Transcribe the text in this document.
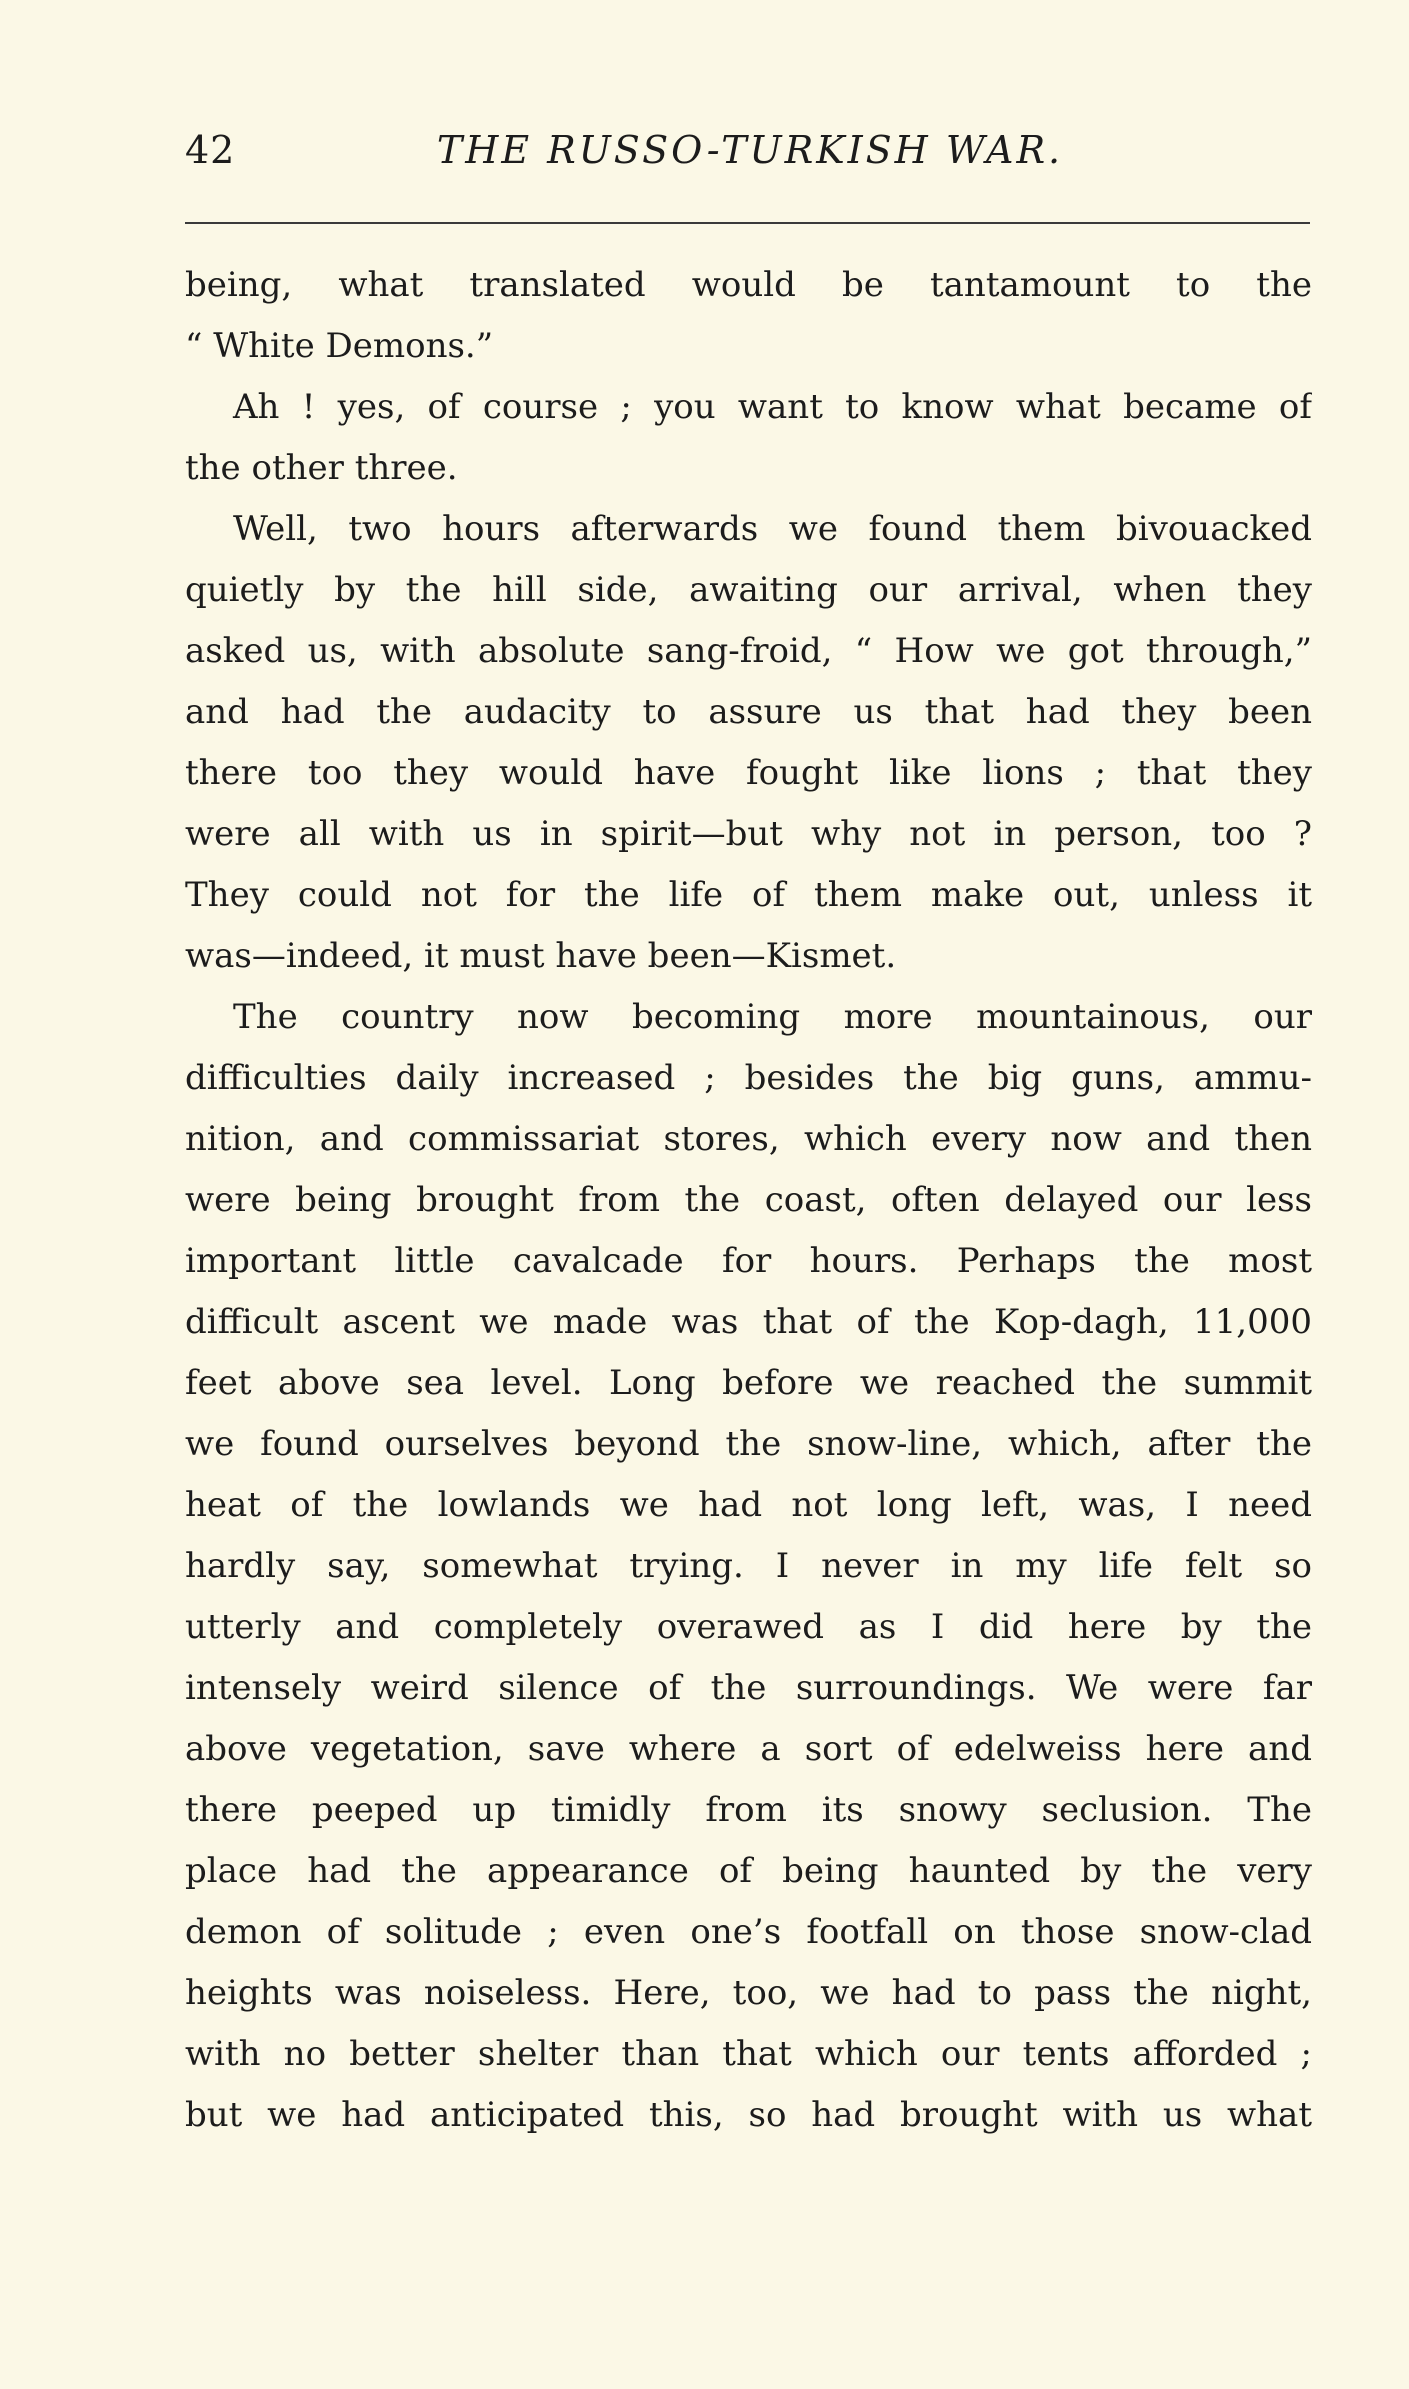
42	THE RUSSO-TURKISH WAR.
being, what translated would be tantamount to the
“ White Demons.”
Ah ! yes, of course ; you want to know what became of
the other three.
Well, two hours afterwards we found them bivouacked
quietly by the hill side, awaiting our arrival, when they
asked us, with absolute sang-froid, “ How we got through,”
and had the audacity to assure us that had they been
there too they would have fought like lions ; that they
were all with us in spirit—but why not in person, too ?
They could not for the life of them make out, unless it
was—indeed, it must have been—Kismet.
The country now becoming more mountainous, our
difficulties daily increased ; besides the big guns, ammu-
nition, and commissariat stores, which every now and then
were being brought from the coast, often delayed our less
important little cavalcade for hours. Perhaps the most
difficult ascent we made was that of the Kop-dagh, 11,000
feet above sea level. Long before we reached the summit
we found ourselves beyond the snow-line, which, after the
heat of the lowlands we had not long left, was, I need
hardly say, somewhat trying. I never in my life felt so
utterly and completely overawed as I did here by the
intensely weird silence of the surroundings. We were far
above vegetation, save where a sort of edelweiss here and
there peeped up timidly from its snowy seclusion. The
place had the appearance of being haunted by the very
demon of solitude ; even one’s footfall on those snow-clad
heights was noiseless. Here, too, we had to pass the night,
with no better shelter than that which our tents afforded ;
but we had anticipated this, so had brought with us what
